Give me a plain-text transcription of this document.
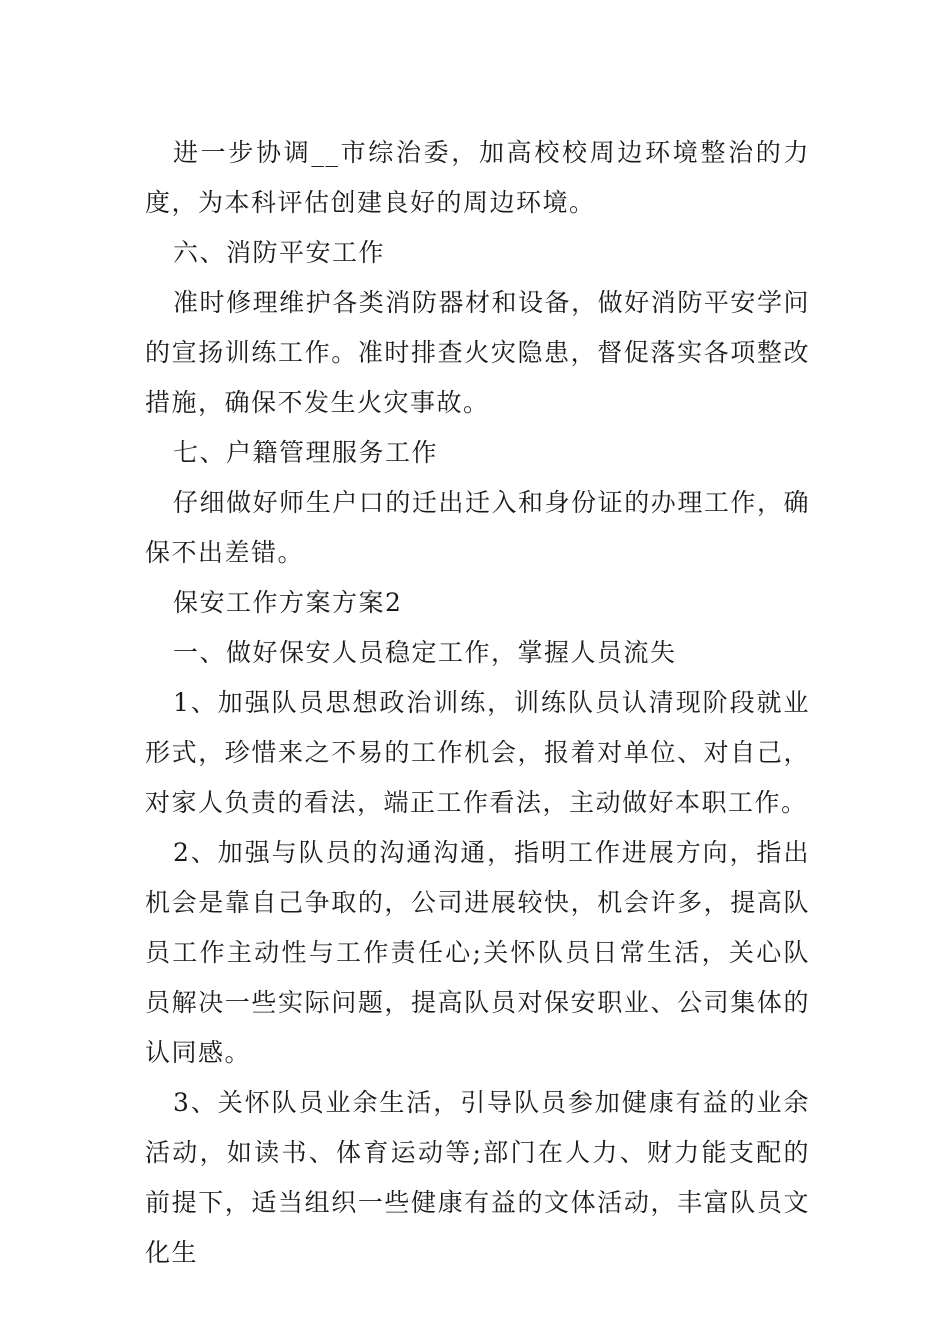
进一步协调__市综治委，加高校校周边环境整治的力度，为本科评估创建良好的周边环境。

六、消防平安工作

准时修理维护各类消防器材和设备，做好消防平安学问的宣扬训练工作。准时排查火灾隐患，督促落实各项整改措施，确保不发生火灾事故。

七、户籍管理服务工作

仔细做好师生户口的迁出迁入和身份证的办理工作，确保不出差错。

保安工作方案方案2

一、做好保安人员稳定工作，掌握人员流失

1、加强队员思想政治训练，训练队员认清现阶段就业形式，珍惜来之不易的工作机会，报着对单位、对自己，对家人负责的看法，端正工作看法，主动做好本职工作。

2、加强与队员的沟通沟通，指明工作进展方向，指出机会是靠自己争取的，公司进展较快，机会许多，提高队员工作主动性与工作责任心;关怀队员日常生活，关心队员解决一些实际问题，提高队员对保安职业、公司集体的认同感。

3、关怀队员业余生活，引导队员参加健康有益的业余活动，如读书、体育运动等;部门在人力、财力能支配的前提下，适当组织一些健康有益的文体活动，丰富队员文化生
